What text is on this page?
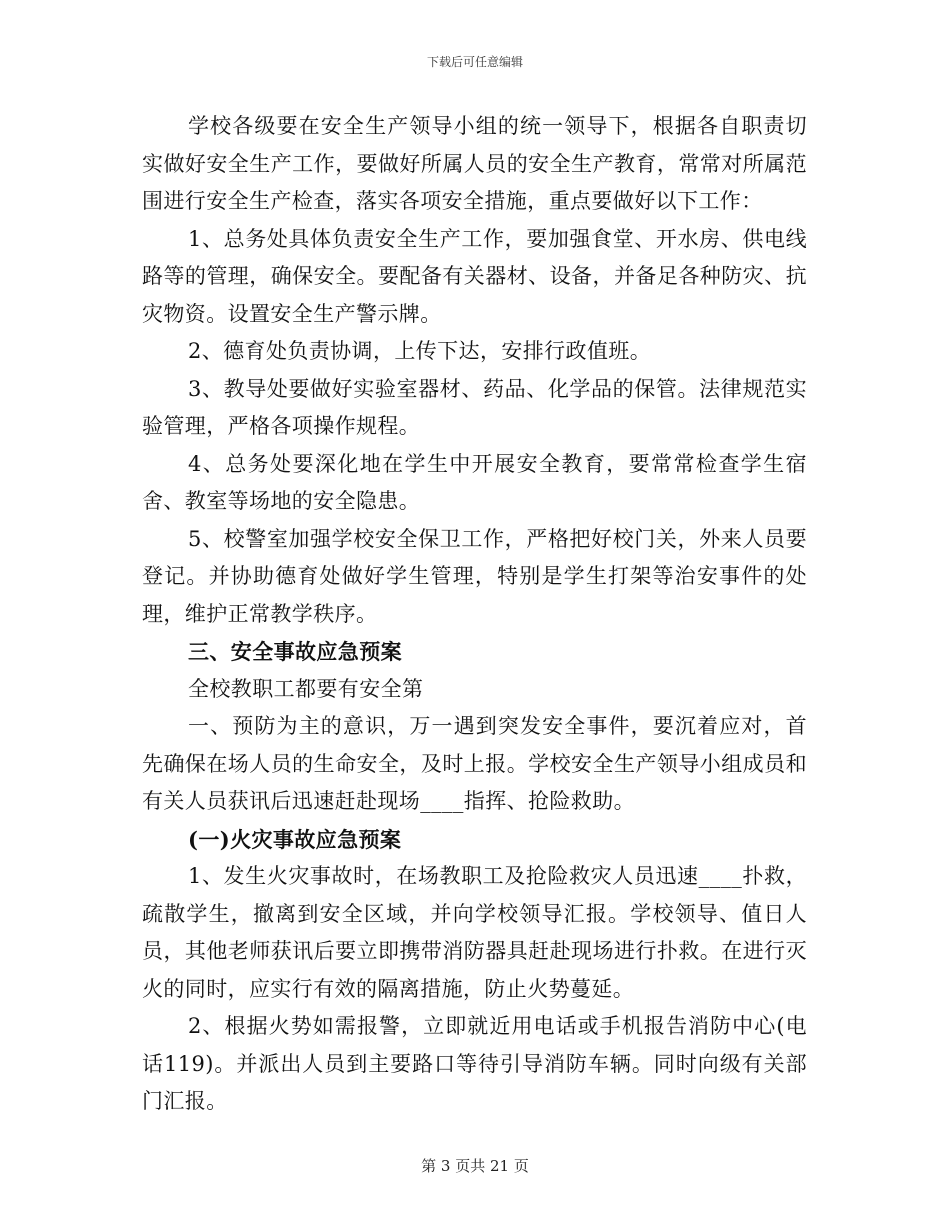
下载后可任意编辑

学校各级要在安全生产领导小组的统一领导下，根据各自职责切实做好安全生产工作，要做好所属人员的安全生产教育，常常对所属范围进行安全生产检查，落实各项安全措施，重点要做好以下工作：

1、总务处具体负责安全生产工作，要加强食堂、开水房、供电线路等的管理，确保安全。要配备有关器材、设备，并备足各种防灾、抗灾物资。设置安全生产警示牌。

2、德育处负责协调，上传下达，安排行政值班。

3、教导处要做好实验室器材、药品、化学品的保管。法律规范实验管理，严格各项操作规程。

4、总务处要深化地在学生中开展安全教育，要常常检查学生宿舍、教室等场地的安全隐患。

5、校警室加强学校安全保卫工作，严格把好校门关，外来人员要登记。并协助德育处做好学生管理，特别是学生打架等治安事件的处理，维护正常教学秩序。

三、安全事故应急预案

全校教职工都要有安全第

一、预防为主的意识，万一遇到突发安全事件，要沉着应对，首先确保在场人员的生命安全，及时上报。学校安全生产领导小组成员和有关人员获讯后迅速赶赴现场____指挥、抢险救助。

(一)火灾事故应急预案

1、发生火灾事故时，在场教职工及抢险救灾人员迅速____扑救，疏散学生，撤离到安全区域，并向学校领导汇报。学校领导、值日人员，其他老师获讯后要立即携带消防器具赶赴现场进行扑救。在进行灭火的同时，应实行有效的隔离措施，防止火势蔓延。

2、根据火势如需报警，立即就近用电话或手机报告消防中心(电话119)。并派出人员到主要路口等待引导消防车辆。同时向级有关部门汇报。

第 3 页共 21 页
